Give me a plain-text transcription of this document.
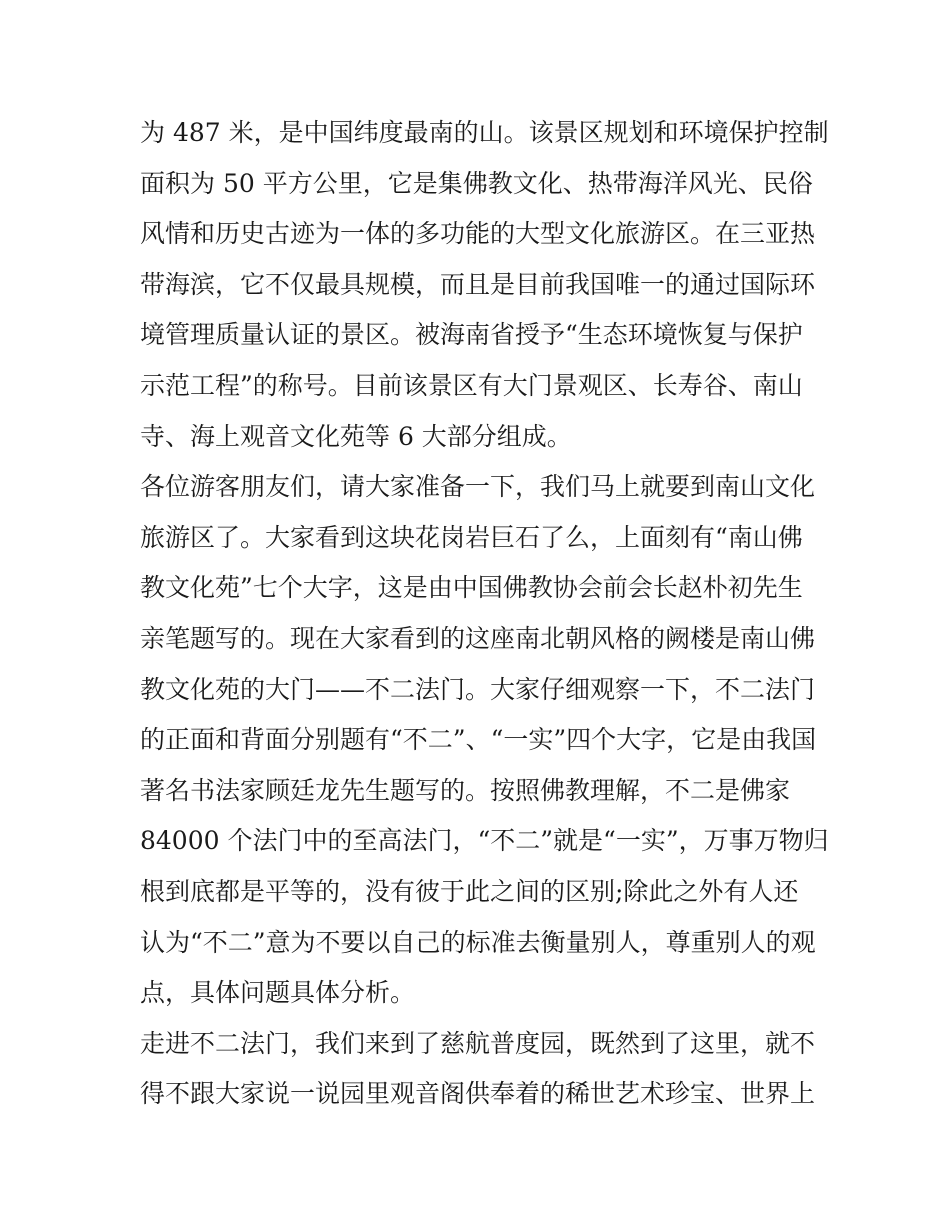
为 487 米，是中国纬度最南的山。该景区规划和环境保护控制
面积为 50 平方公里，它是集佛教文化、热带海洋风光、民俗
风情和历史古迹为一体的多功能的大型文化旅游区。在三亚热
带海滨，它不仅最具规模，而且是目前我国唯一的通过国际环
境管理质量认证的景区。被海南省授予“生态环境恢复与保护
示范工程”的称号。目前该景区有大门景观区、长寿谷、南山
寺、海上观音文化苑等 6 大部分组成。
各位游客朋友们，请大家准备一下，我们马上就要到南山文化
旅游区了。大家看到这块花岗岩巨石了么，上面刻有“南山佛
教文化苑”七个大字，这是由中国佛教协会前会长赵朴初先生
亲笔题写的。现在大家看到的这座南北朝风格的阙楼是南山佛
教文化苑的大门——不二法门。大家仔细观察一下，不二法门
的正面和背面分别题有“不二”、“一实”四个大字，它是由我国
著名书法家顾廷龙先生题写的。按照佛教理解，不二是佛家
84000 个法门中的至高法门，“不二”就是“一实”，万事万物归
根到底都是平等的，没有彼于此之间的区别;除此之外有人还
认为“不二”意为不要以自己的标准去衡量别人，尊重别人的观
点，具体问题具体分析。
走进不二法门，我们来到了慈航普度园，既然到了这里，就不
得不跟大家说一说园里观音阁供奉着的稀世艺术珍宝、世界上
